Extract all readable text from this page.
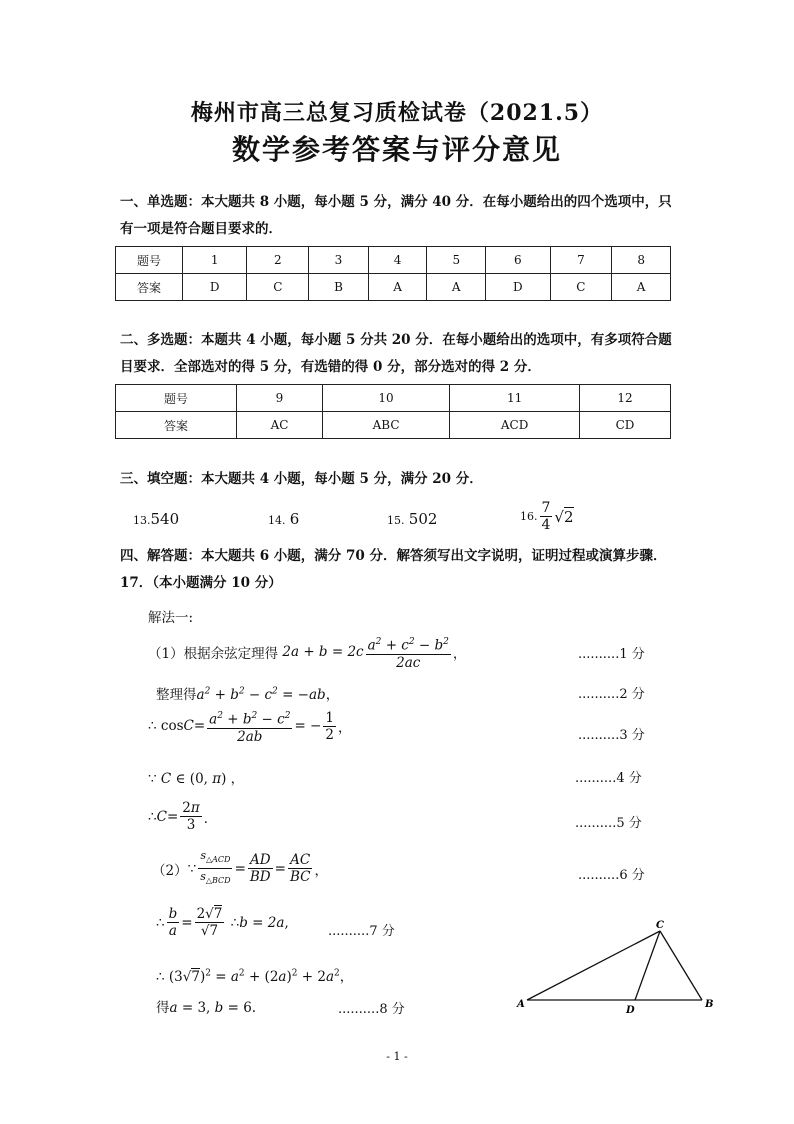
梅州市高三总复习质检试卷（2021.5）
数学参考答案与评分意见
一、单选题：本大题共 8 小题，每小题 5 分，满分 40 分．在每小题给出的四个选项中，只
有一项是符合题目要求的．
题号	1	2	3	4	5	6	7	8
答案	D	C	B	A	A	D	C	A
二、多选题：本题共 4 小题，每小题 5 分共 20 分．在每小题给出的选项中，有多项符合题
目要求．全部选对的得 5 分，有选错的得 0 分，部分选对的得 2 分．
题号	9	10	11	12
答案	AC	ABC	ACD	CD
三、填空题：本大题共 4 小题，每小题 5 分，满分 20 分．
13.540	14. 6	15. 502	16. $\frac{7}{4} √2$
四、解答题：本大题共 6 小题，满分 70 分．解答须写出文字说明，证明过程或演算步骤．
17．（本小题满分 10 分）
解法一:
（1）根据余弦定理得 $2a + b = 2c \frac{a^2 + c^2 - b^2}{2ac}$ ，	..........1 分
整理得$a^2 + b^2 - c^2 = -ab$，	..........2 分
∴ $\cos C = \frac{a^2 + b^2 - c^2}{2ab}$ = − $\frac{1}{2}$ ，	..........3 分
∵ C ∈ (0, π) ，	..........4 分
∴ $C = \frac{2\pi}{3}$ ．	..........5 分
（2） ∵ $\frac{s_{\triangle ACD}}{s_{\triangle BCD}} = \frac{AD}{BD} = \frac{AC}{BC}$ ，	..........6 分
∴ $\frac{b}{a} = \frac{2√7}{√7}$ ∴ b = 2a ,
..........7 分
∴ $(3√7)^2 = a^2 + (2a)^2 + 2a^2$，
得a = 3, b = 6.	..........8 分	A	B
C
D
- 1 -
